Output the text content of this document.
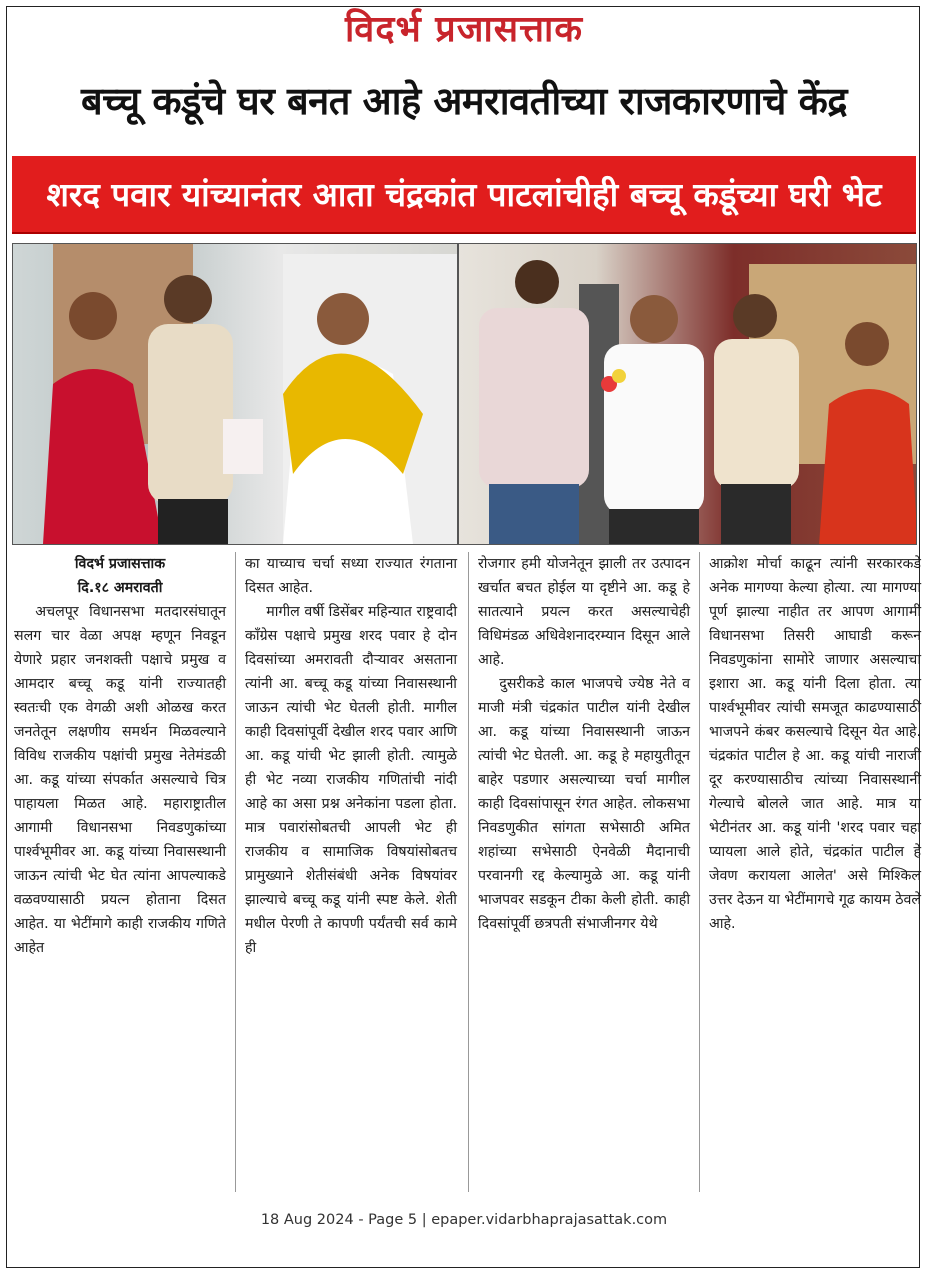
विदर्भ प्रजासत्ताक
बच्चू कडूंचे घर बनत आहे अमरावतीच्या राजकारणाचे केंद्र
शरद पवार यांच्यानंतर आता चंद्रकांत पाटलांचीही बच्चू कडूंच्या घरी भेट

विदर्भ प्रजासत्ताक

दि.१८ अमरावती

अचलपूर विधानसभा मतदारसंघातून सलग चार वेळा अपक्ष म्हणून निवडून येणारे प्रहार जनशक्ती पक्षाचे प्रमुख व आमदार बच्चू कडू यांनी राज्यातही स्वतःची एक वेगळी अशी ओळख करत जनतेतून लक्षणीय समर्थन मिळवल्याने विविध राजकीय पक्षांची प्रमुख नेतेमंडळी आ. कडू यांच्या संपर्कात असल्याचे चित्र पाहायला मिळत आहे. महाराष्ट्रातील आगामी विधानसभा निवडणुकांच्या पार्श्वभूमीवर आ. कडू यांच्या निवासस्थानी जाऊन त्यांची भेट घेत त्यांना आपल्याकडे वळवण्यासाठी प्रयत्न होताना दिसत आहेत. या भेटींमागे काही राजकीय गणिते आहेत

का याच्याच चर्चा सध्या राज्यात रंगताना दिसत आहेत.

मागील वर्षी डिसेंबर महिन्यात राष्ट्रवादी काँग्रेस पक्षाचे प्रमुख शरद पवार हे दोन दिवसांच्या अमरावती दौऱ्यावर असताना त्यांनी आ. बच्चू कडू यांच्या निवासस्थानी जाऊन त्यांची भेट घेतली होती. मागील काही दिवसांपूर्वी देखील शरद पवार आणि आ. कडू यांची भेट झाली होती. त्यामुळे ही भेट नव्या राजकीय गणितांची नांदी आहे का असा प्रश्न अनेकांना पडला होता. मात्र पवारांसोबतची आपली भेट ही राजकीय व सामाजिक विषयांसोबतच प्रामुख्याने शेतीसंबंधी अनेक विषयांवर झाल्याचे बच्चू कडू यांनी स्पष्ट केले. शेती मधील पेरणी ते कापणी पर्यंतची सर्व कामे ही

रोजगार हमी योजनेतून झाली तर उत्पादन खर्चात बचत होईल या दृष्टीने आ. कडू हे सातत्याने प्रयत्न करत असल्याचेही विधिमंडळ अधिवेशनादरम्यान दिसून आले आहे.

दुसरीकडे काल भाजपचे ज्येष्ठ नेते व माजी मंत्री चंद्रकांत पाटील यांनी देखील आ. कडू यांच्या निवासस्थानी जाऊन त्यांची भेट घेतली. आ. कडू हे महायुतीतून बाहेर पडणार असल्याच्या चर्चा मागील काही दिवसांपासून रंगत आहेत. लोकसभा निवडणुकीत सांगता सभेसाठी अमित शहांच्या सभेसाठी ऐनवेळी मैदानाची परवानगी रद्द केल्यामुळे आ. कडू यांनी भाजपवर सडकून टीका केली होती. काही दिवसांपूर्वी छत्रपती संभाजीनगर येथे

आक्रोश मोर्चा काढून त्यांनी सरकारकडे अनेक मागण्या केल्या होत्या. त्या मागण्या पूर्ण झाल्या नाहीत तर आपण आगामी विधानसभा तिसरी आघाडी करून निवडणुकांना सामोरे जाणार असल्याचा इशारा आ. कडू यांनी दिला होता. त्या पार्श्वभूमीवर त्यांची समजूत काढण्यासाठी भाजपने कंबर कसल्याचे दिसून येत आहे. चंद्रकांत पाटील हे आ. कडू यांची नाराजी दूर करण्यासाठीच त्यांच्या निवासस्थानी गेल्याचे बोलले जात आहे. मात्र या भेटीनंतर आ. कडू यांनी 'शरद पवार चहा प्यायला आले होते, चंद्रकांत पाटील हे जेवण करायला आलेत' असे मिश्किल उत्तर देऊन या भेटींमागचे गूढ कायम ठेवले आहे.

18 Aug 2024 - Page 5 | epaper.vidarbhaprajasattak.com
